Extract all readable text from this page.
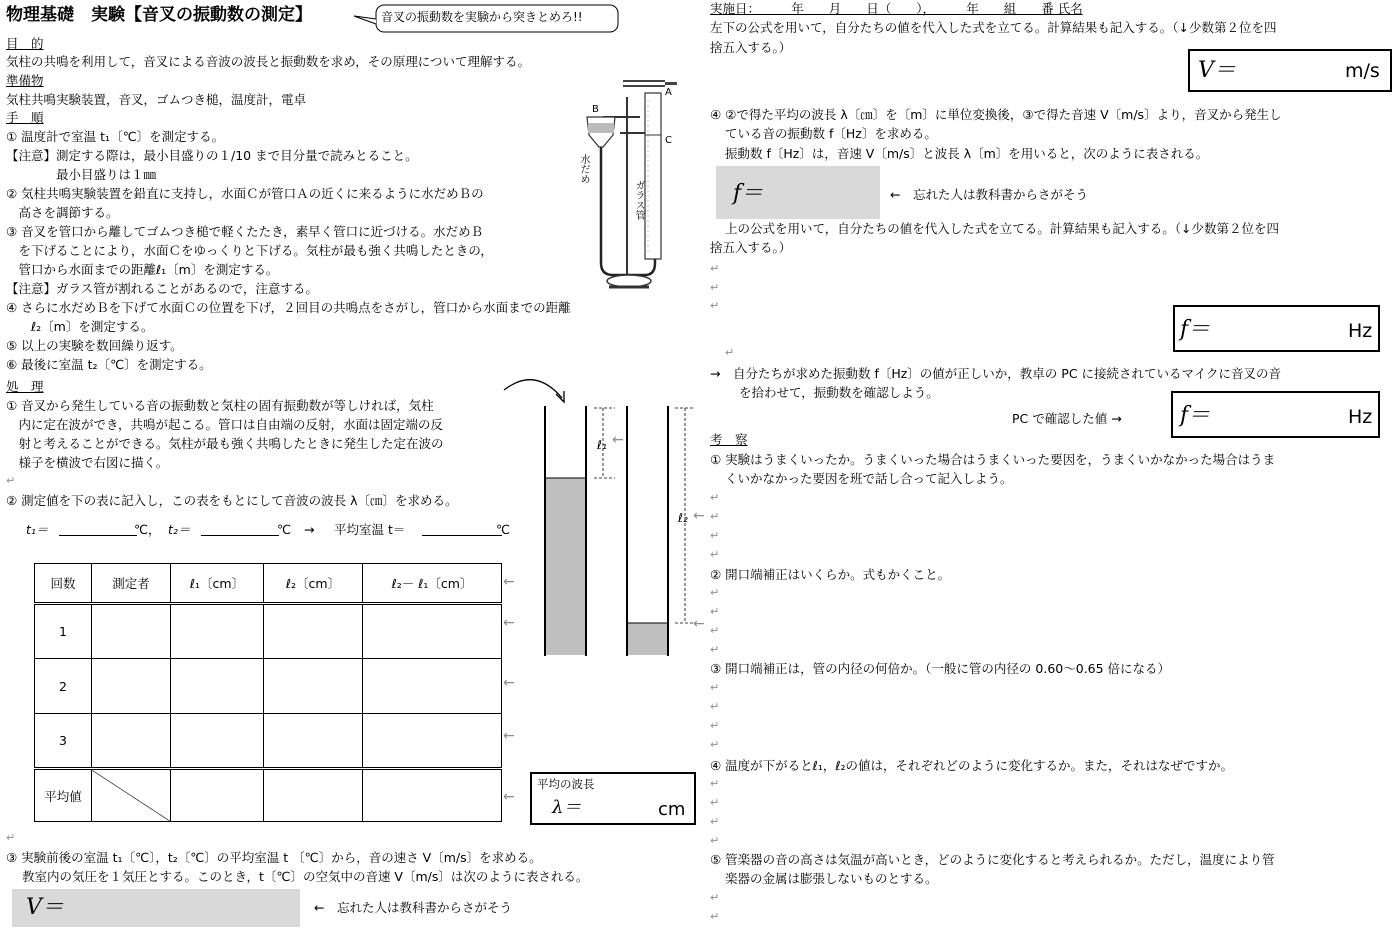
物理基礎　実験【音叉の振動数の測定】	音叉の振動数を実験から突きとめろ!!
目　的
気柱の共鳴を利用して，音叉による音波の波長と振動数を求め，その原理について理解する。
準備物
気柱共鳴実験装置，音叉，ゴムつき槌，温度計，電卓
手　順
① 温度計で室温 t₁〔℃〕を測定する。
【注意】測定する際は，最小目盛りの１/10 まで目分量で読みとること。
　　　　最小目盛りは１㎜
② 気柱共鳴実験装置を鉛直に支持し，水面Ｃが管口Ａの近くに来るように水だめＢの
　高さを調節する。
③ 音叉を管口から離してゴムつき槌で軽くたたき，素早く管口に近づける。水だめＢ
　を下げることにより，水面Ｃをゆっくりと下げる。気柱が最も強く共鳴したときの，
　管口から水面までの距離ℓ₁〔m〕を測定する。
【注意】ガラス管が割れることがあるので，注意する。
④ さらに水だめＢを下げて水面Ｃの位置を下げ，２回目の共鳴点をさがし，管口から水面までの距離
　　ℓ₂〔m〕を測定する。
⑤ 以上の実験を数回繰り返す。
⑥ 最後に室温 t₂〔℃〕を測定する。
B
A
C
水だめ
ガラス管
処　理
① 音叉から発生している音の振動数と気柱の固有振動数が等しければ，気柱
　内に定在波ができ，共鳴が起こる。管口は自由端の反射，水面は固定端の反
　射と考えることができる。気柱が最も強く共鳴したときに発生した定在波の
　様子を横波で右図に描く。
② 測定値を下の表に記入し，この表をもとにして音波の波長 λ〔㎝〕を求める。
t₁＝	℃， t₂＝	℃ → 平均室温 t＝	℃
回数	測定者	ℓ₁〔cm〕	ℓ₂〔cm〕	ℓ₂－ ℓ₁〔cm〕
1				
2				
3				
平均値				
ℓ₁
ℓ₂
平均の波長
λ＝	cm
③ 実験前後の室温 t₁〔℃〕，t₂〔℃〕の平均室温 t 〔℃〕から，音の速さ V〔m/s〕を求める。
教室内の気圧を１気圧とする。このとき，t〔℃〕の空気中の音速 V〔m/s〕は次のように表される。
V＝	←　忘れた人は教科書からさがそう
実施日：　　　年　　月　　日（　　），　　　年　　組　　番 氏名
左下の公式を用いて，自分たちの値を代入した式を立てる。計算結果も記入する。（↓少数第２位を四
捨五入する。）
V＝	m/s
④ ②で得た平均の波長 λ〔㎝〕を〔m〕に単位変換後，③で得た音速 V〔m/s〕より，音叉から発生し
ている音の振動数 f〔Hz〕を求める。
振動数 f〔Hz〕は，音速 V〔m/s〕と波長 λ〔m〕を用いると，次のように表される。
f＝	←　忘れた人は教科書からさがそう
上の公式を用いて，自分たちの値を代入した式を立てる。計算結果も記入する。（↓少数第２位を四
捨五入する。）
f＝	Hz
→　自分たちが求めた振動数 f〔Hz〕の値が正しいか，教卓の PC に接続されているマイクに音叉の音
を拾わせて，振動数を確認しよう。
PC で確認した値 →	f＝	Hz
考　察
① 実験はうまくいったか。うまくいった場合はうまくいった要因を，うまくいかなかった場合はうま
くいかなかった要因を班で話し合って記入しよう。
② 開口端補正はいくらか。式もかくこと。
③ 開口端補正は，管の内径の何倍か。（一般に管の内径の 0.60～0.65 倍になる）
④ 温度が下がるとℓ₁，ℓ₂の値は，それぞれどのように変化するか。また，それはなぜですか。
⑤ 管楽器の音の高さは気温が高いとき，どのように変化すると考えられるか。ただし，温度により管
楽器の金属は膨張しないものとする。
↵
↵
↵
↵
↵
↵
↵
↵
↵
↵
↵
↵
↵
↵
↵
↵
↵
↵
↵
↵
↵
↵
↵
↵
←
←
←
←
←
←
←
←
